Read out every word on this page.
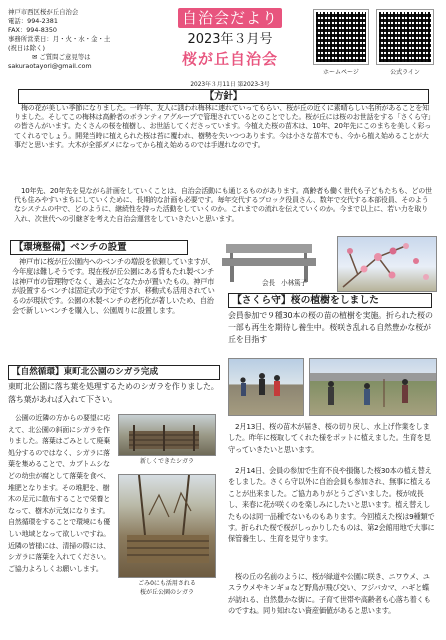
神戸市西区桜が丘自治会
電話：994-2381
FAX：994-8350
事務所営業日：月・火・水・金・土
(祝日は除く)
✉ ご質問ご意見等は
sakuraotayori@gmail.com
自治会だより
2023年３月号
桜が丘自治会
2023年３月11日 第2023-3号
ホームページ	公式ライン
【方針】
梅の花が美しい季節になりました。一昨年、友人に誘われ梅林に連れていってもらい、桜が丘の近くに素晴らしい名所があることを知りました。そしてこの梅林は高齢者のボランティアグループで管理されているとのことでした。桜が丘には桜のお世話をする「さくら守」の皆さんがいます。たくさんの桜を植樹し、お世話してくださっています。今植えた桜の苗木は、10年、20年先にこのまちを美しく彩ってくれるでしょう。開発当時に植えられた桜は苔に覆われ、樹勢を失いつつあります。今は小さな苗木でも、今から植え始めることが大事だと思います。大木が全部ダメになってから植え始めるのでは手遅れなのです。
10年先、20年先を見ながら計画をしていくことは、自治会活動にも通じるものがあります。高齢者も働く世代も子どもたちも、どの世代も住みやすいまちにしていくために、長期的な計画も必要です。毎年交代するブロック役員さん、数年で交代する本部役員、そのようなシステムの中で、どのように、継続性を持った活動をしていくのか。これまでの流れを伝えていくのか。今まで以上に、若い力を取り入れ、次世代への引継ぎを考えた自治会運営をしていきたいと思います。
【環境整備】ベンチの設置
神戸市に桜が丘公園内へのベンチの増設を依頼していますが、今年度は難しそうです。現在桜が丘公園にある背もたれ製ベンチは神戸市の管理物でなく、過去にどなたかが置いたもの。神戸市が設置するベンチは固定式の予定ですが、移動式も活用されているのが現状です。公園の木製ベンチの老朽化が著しいため、自治会で新しいベンチを購入し、公園周りに設置します。
会長　小林篤子
【さくら守】桜の植樹をしました
会員参加で９種30本の桜の苗の植樹を実施。折られた桜の一部も再生を期待し養生中。桜咲き乱れる自然豊かな桜が丘を目指す
2月13日、桜の苗木が届き、桜の切り戻し、水上げ作業をしました。昨年に桜取してくれた様をポットに植えました。生育を見守っていきたいと思います。
2月14日、会員の参加で生育不良や損傷した桜30本の植え替えをしました。さくら守以外に自治会員も参加され、無事に植えることが出来ました。ご協力ありがとうございました。桜が成長し、来春に花が咲くのを楽しみにしたいと思います。植え替えしたものは同一品種でないものもあります。今回植えた桜は9種類です。折られた桜で桜がしっかりしたものは、第2会館用地で大事に保管養生し、生育を見守ります。
桜の丘の名前のように、桜が緑道や公園に咲き、ニワウメ、ユスラウメやキンギョなど野鳥が飛び交い、フジバカマ、ハギと蝶が訪れる、自然豊かな街に。子育て世帯や高齢者も心落ち着くものですね。同り知れない資産価値があると思います。
【自然循環】東町北公園のシガラ完成
東町北公園に落ち葉を処理するためのシガラを作りました。落ち葉があれば入れて下さい。
公園の近隣の方からの要望に応えて、北公園の斜面にシガラを作りました。落葉はごみとして廃棄処分するのではなく、シガラに落葉を集めることで、カブトムシなどの幼虫が腐として落葉を食べ、堆肥となります。その堆肥を、樹木の足元に散布することで栄養となって、樹木が元気になります。自然循環をすることで環境にも優しい地域となって欲しいですね。近隣の皆様には、清掃の際には、シガラに落葉を入れてください。ご協力よろしくお願いします。
新しくできたシガラ
ごみ0にも活用される
桜が丘公園のシガラ
